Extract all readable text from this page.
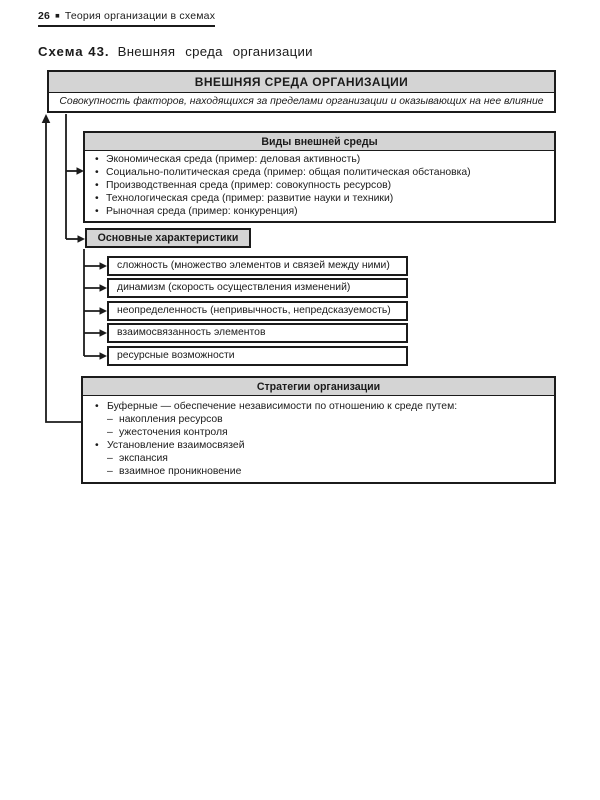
26 ■ Теория организации в схемах
Схема 43. Внешняя среда организации
ВНЕШНЯЯ СРЕДА ОРГАНИЗАЦИИ
Совокупность факторов, находящихся за пределами организации и оказывающих на нее влияние
Виды внешней среды
• Экономическая среда (пример: деловая активность)
• Социально-политическая среда (пример: общая политическая обстановка)
• Производственная среда (пример: совокупность ресурсов)
• Технологическая среда (пример: развитие науки и техники)
• Рыночная среда (пример: конкуренция)
Основные характеристики
сложность (множество элементов и связей между ними)
динамизм (скорость осуществления изменений)
неопределенность (непривычность, непредсказуемость)
взаимосвязанность элементов
ресурсные возможности
Стратегии организации
• Буферные — обеспечение независимости по отношению к среде путем:
– накопления ресурсов
– ужесточения контроля
• Установление взаимосвязей
– экспансия
– взаимное проникновение
